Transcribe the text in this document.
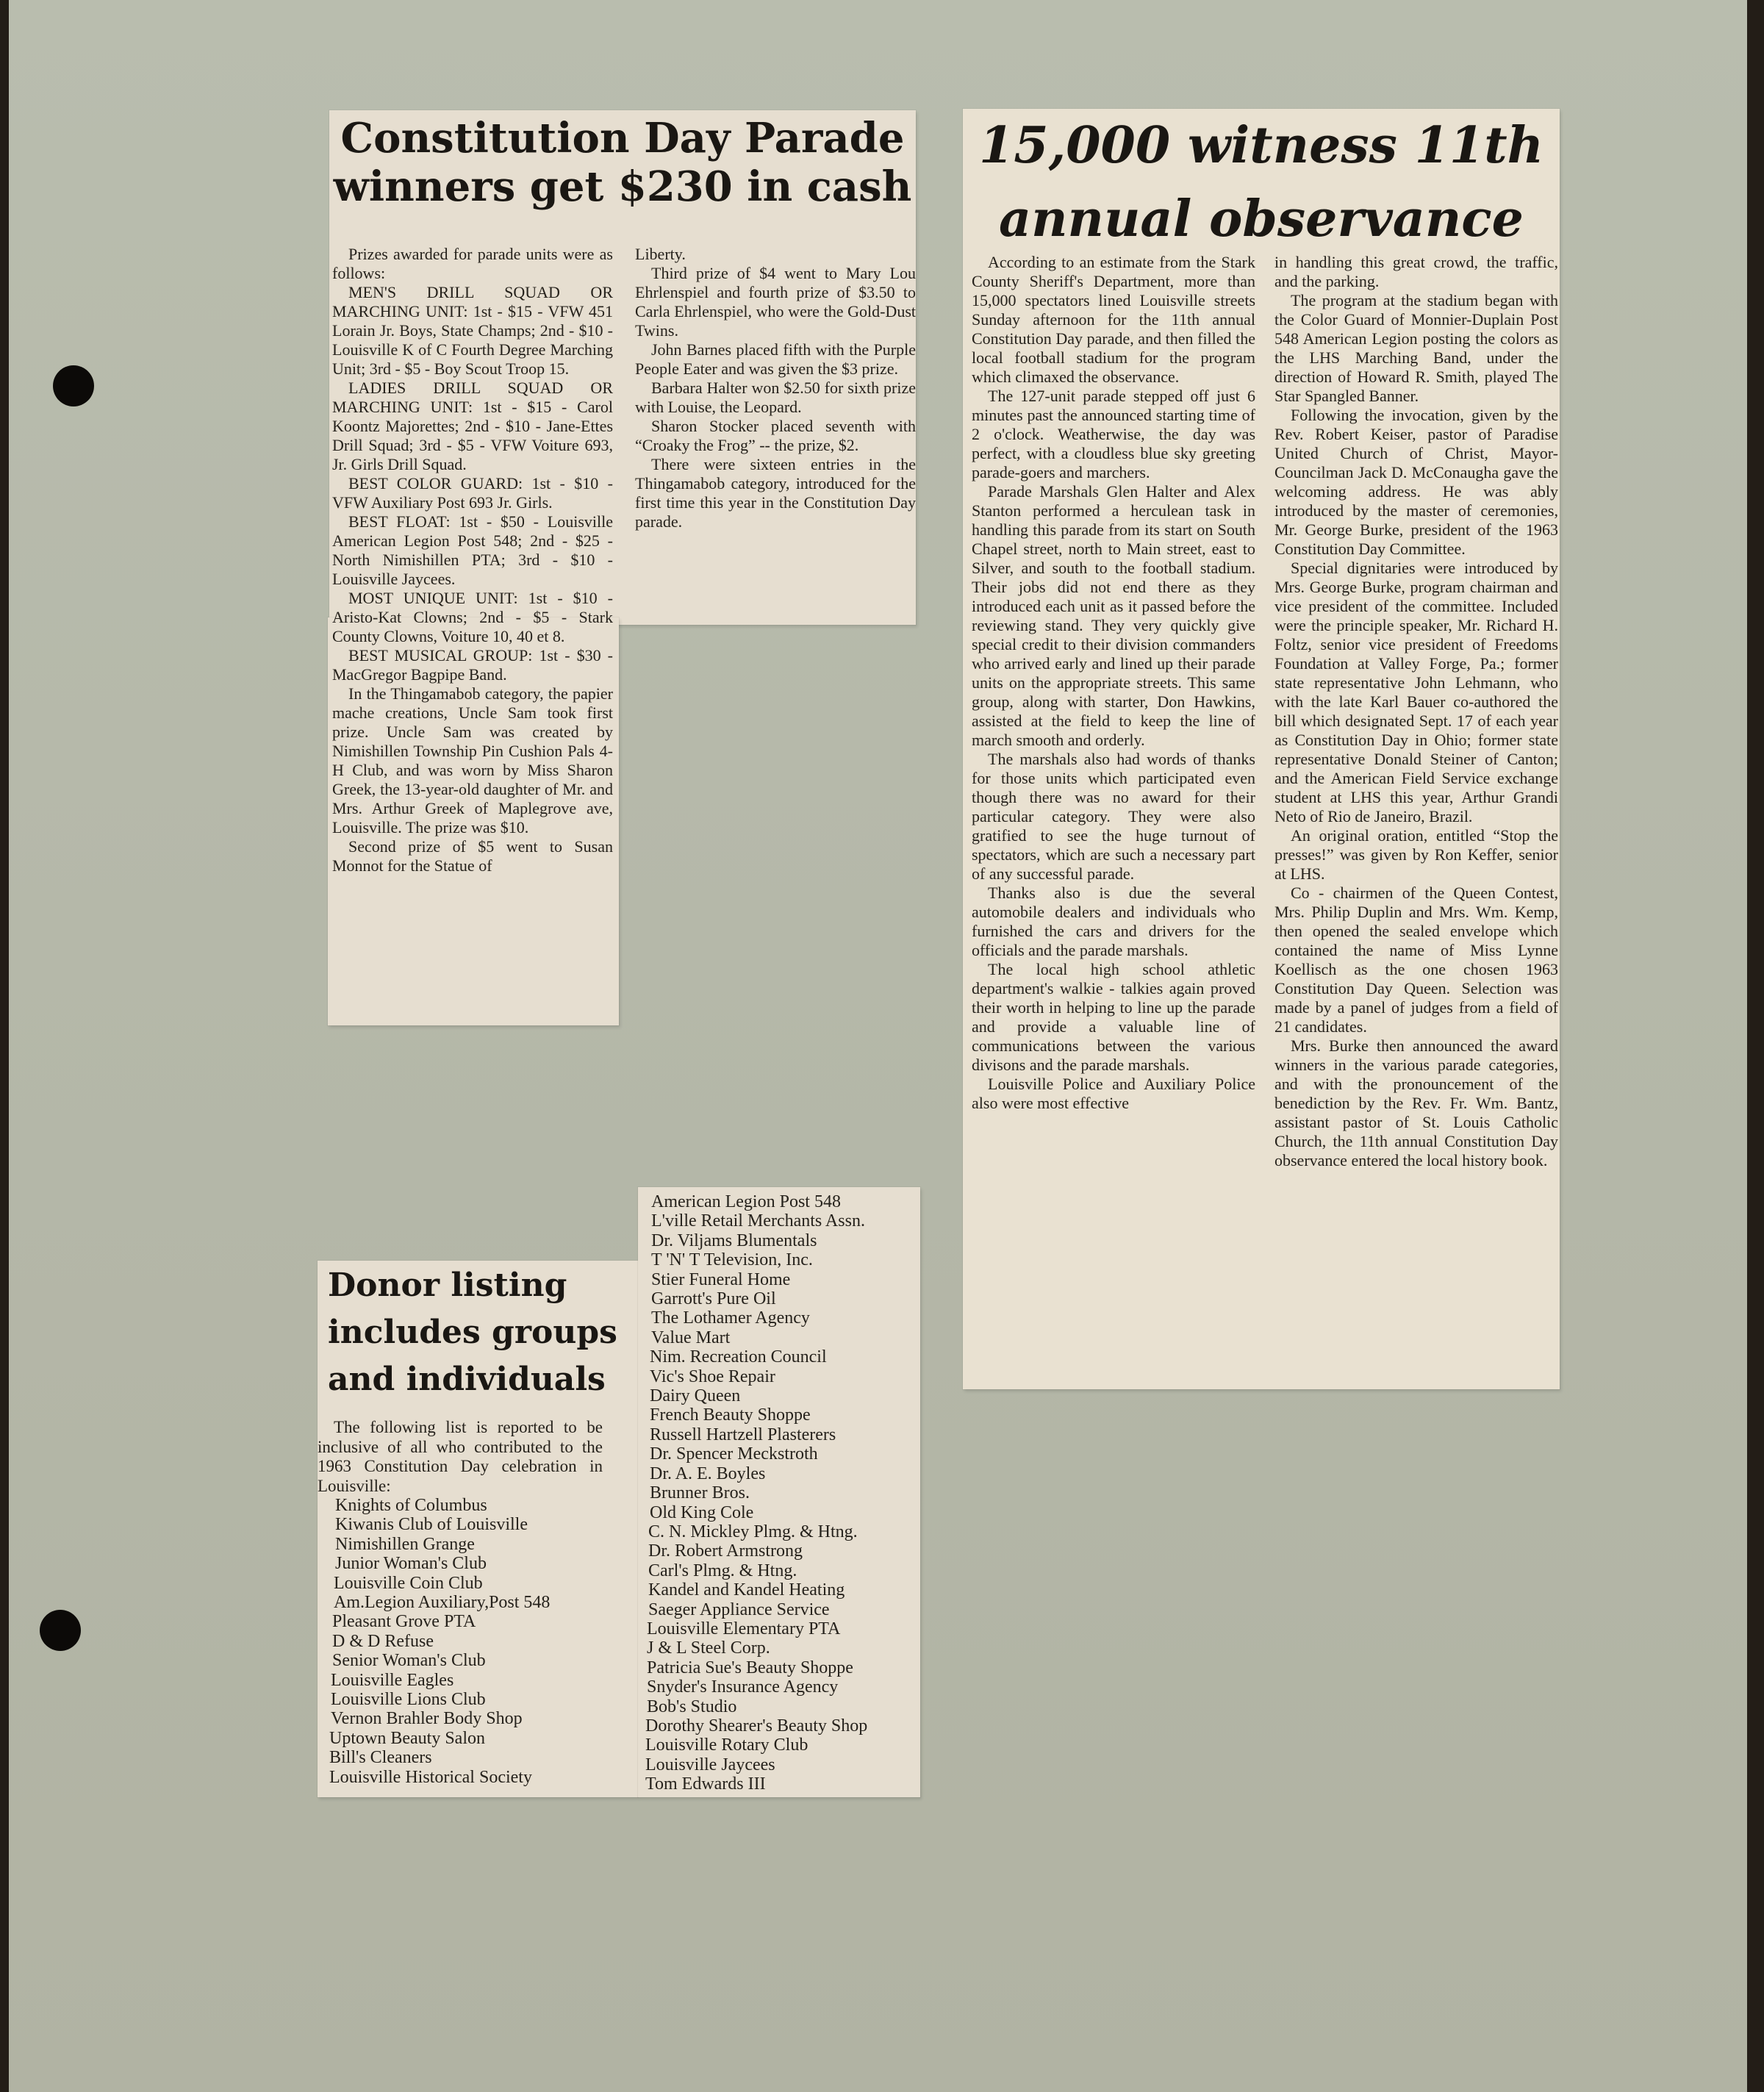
Constitution Day Parade
winners get $230 in cash

Prizes awarded for parade units were as follows:

MEN'S DRILL SQUAD OR MARCHING UNIT: 1st - $15 - VFW 451 Lorain Jr. Boys, State Champs; 2nd - $10 - Louisville K of C Fourth Degree Marching Unit; 3rd - $5 - Boy Scout Troop 15.

LADIES DRILL SQUAD OR MARCHING UNIT: 1st - $15 - Carol Koontz Majorettes; 2nd - $10 - Jane-Ettes Drill Squad; 3rd - $5 - VFW Voiture 693, Jr. Girls Drill Squad.

BEST COLOR GUARD: 1st - $10 - VFW Auxiliary Post 693 Jr. Girls.

BEST FLOAT: 1st - $50 - Louisville American Legion Post 548; 2nd - $25 - North Nimishillen PTA; 3rd - $10 - Louisville Jaycees.

MOST UNIQUE UNIT: 1st - $10 - Aristo-Kat Clowns; 2nd - $5 - Stark County Clowns, Voiture 10, 40 et 8.

BEST MUSICAL GROUP: 1st - $30 - MacGregor Bagpipe Band.

In the Thingamabob category, the papier mache creations, Uncle Sam took first prize. Uncle Sam was created by Nimishillen Township Pin Cushion Pals 4-H Club, and was worn by Miss Sharon Greek, the 13-year-old daughter of Mr. and Mrs. Arthur Greek of Maplegrove ave, Louisville. The prize was $10.

Second prize of $5 went to Susan Monnot for the Statue of

Liberty.

Third prize of $4 went to Mary Lou Ehrlenspiel and fourth prize of $3.50 to Carla Ehrlenspiel, who were the Gold-Dust Twins.

John Barnes placed fifth with the Purple People Eater and was given the $3 prize.

Barbara Halter won $2.50 for sixth prize with Louise, the Leopard.

Sharon Stocker placed seventh with “Croaky the Frog” -- the prize, $2.

There were sixteen entries in the Thingamabob category, introduced for the first time this year in the Constitution Day parade.

15,000 witness 11th
annual observance

According to an estimate from the Stark County Sheriff's Department, more than 15,000 spectators lined Louisville streets Sunday afternoon for the 11th annual Constitution Day parade, and then filled the local football stadium for the program which climaxed the observance.

The 127-unit parade stepped off just 6 minutes past the announced starting time of 2 o'clock. Weatherwise, the day was perfect, with a cloudless blue sky greeting parade-goers and marchers.

Parade Marshals Glen Halter and Alex Stanton performed a herculean task in handling this parade from its start on South Chapel street, north to Main street, east to Silver, and south to the football stadium. Their jobs did not end there as they introduced each unit as it passed before the reviewing stand. They very quickly give special credit to their division commanders who arrived early and lined up their parade units on the appropriate streets. This same group, along with starter, Don Hawkins, assisted at the field to keep the line of march smooth and orderly.

The marshals also had words of thanks for those units which participated even though there was no award for their particular category. They were also gratified to see the huge turnout of spectators, which are such a necessary part of any successful parade.

Thanks also is due the several automobile dealers and individuals who furnished the cars and drivers for the officials and the parade marshals.

The local high school athletic department's walkie - talkies again proved their worth in helping to line up the parade and provide a valuable line of communications between the various divisons and the parade marshals.

Louisville Police and Auxiliary Police also were most effective

in handling this great crowd, the traffic, and the parking.

The program at the stadium began with the Color Guard of Monnier-Duplain Post 548 American Legion posting the colors as the LHS Marching Band, under the direction of Howard R. Smith, played The Star Spangled Banner.

Following the invocation, given by the Rev. Robert Keiser, pastor of Paradise United Church of Christ, Mayor-Councilman Jack D. McConaugha gave the welcoming address. He was ably introduced by the master of ceremonies, Mr. George Burke, president of the 1963 Constitution Day Committee.

Special dignitaries were introduced by Mrs. George Burke, program chairman and vice president of the committee. Included were the principle speaker, Mr. Richard H. Foltz, senior vice president of Freedoms Foundation at Valley Forge, Pa.; former state representative John Lehmann, who with the late Karl Bauer co-authored the bill which designated Sept. 17 of each year as Constitution Day in Ohio; former state representative Donald Steiner of Canton; and the American Field Service exchange student at LHS this year, Arthur Grandi Neto of Rio de Janeiro, Brazil.

An original oration, entitled “Stop the presses!” was given by Ron Keffer, senior at LHS.

Co - chairmen of the Queen Contest, Mrs. Philip Duplin and Mrs. Wm. Kemp, then opened the sealed envelope which contained the name of Miss Lynne Koellisch as the one chosen 1963 Constitution Day Queen. Selection was made by a panel of judges from a field of 21 candidates.

Mrs. Burke then announced the award winners in the various parade categories, and with the pronouncement of the benediction by the Rev. Fr. Wm. Bantz, assistant pastor of St. Louis Catholic Church, the 11th annual Constitution Day observance entered the local history book.

Donor listing
includes groups
and individuals

The following list is reported to be inclusive of all who contributed to the 1963 Constitution Day celebration in Louisville:

Knights of Columbus
Kiwanis Club of Louisville
Nimishillen Grange
Junior Woman's Club
Louisville Coin Club
Am.Legion Auxiliary,Post 548
Pleasant Grove PTA
D & D Refuse
Senior Woman's Club
Louisville Eagles
Louisville Lions Club
Vernon Brahler Body Shop
Uptown Beauty Salon
Bill's Cleaners
Louisville Historical Society
American Legion Post 548
L'ville Retail Merchants Assn.
Dr. Viljams Blumentals
T 'N' T Television, Inc.
Stier Funeral Home
Garrott's Pure Oil
The Lothamer Agency
Value Mart
Nim. Recreation Council
Vic's Shoe Repair
Dairy Queen
French Beauty Shoppe
Russell Hartzell Plasterers
Dr. Spencer Meckstroth
Dr. A. E. Boyles
Brunner Bros.
Old King Cole
C. N. Mickley Plmg. & Htng.
Dr. Robert Armstrong
Carl's Plmg. & Htng.
Kandel and Kandel Heating
Saeger Appliance Service
Louisville Elementary PTA
J & L Steel Corp.
Patricia Sue's Beauty Shoppe
Snyder's Insurance Agency
Bob's Studio
Dorothy Shearer's Beauty Shop
Louisville Rotary Club
Louisville Jaycees
Tom Edwards III
